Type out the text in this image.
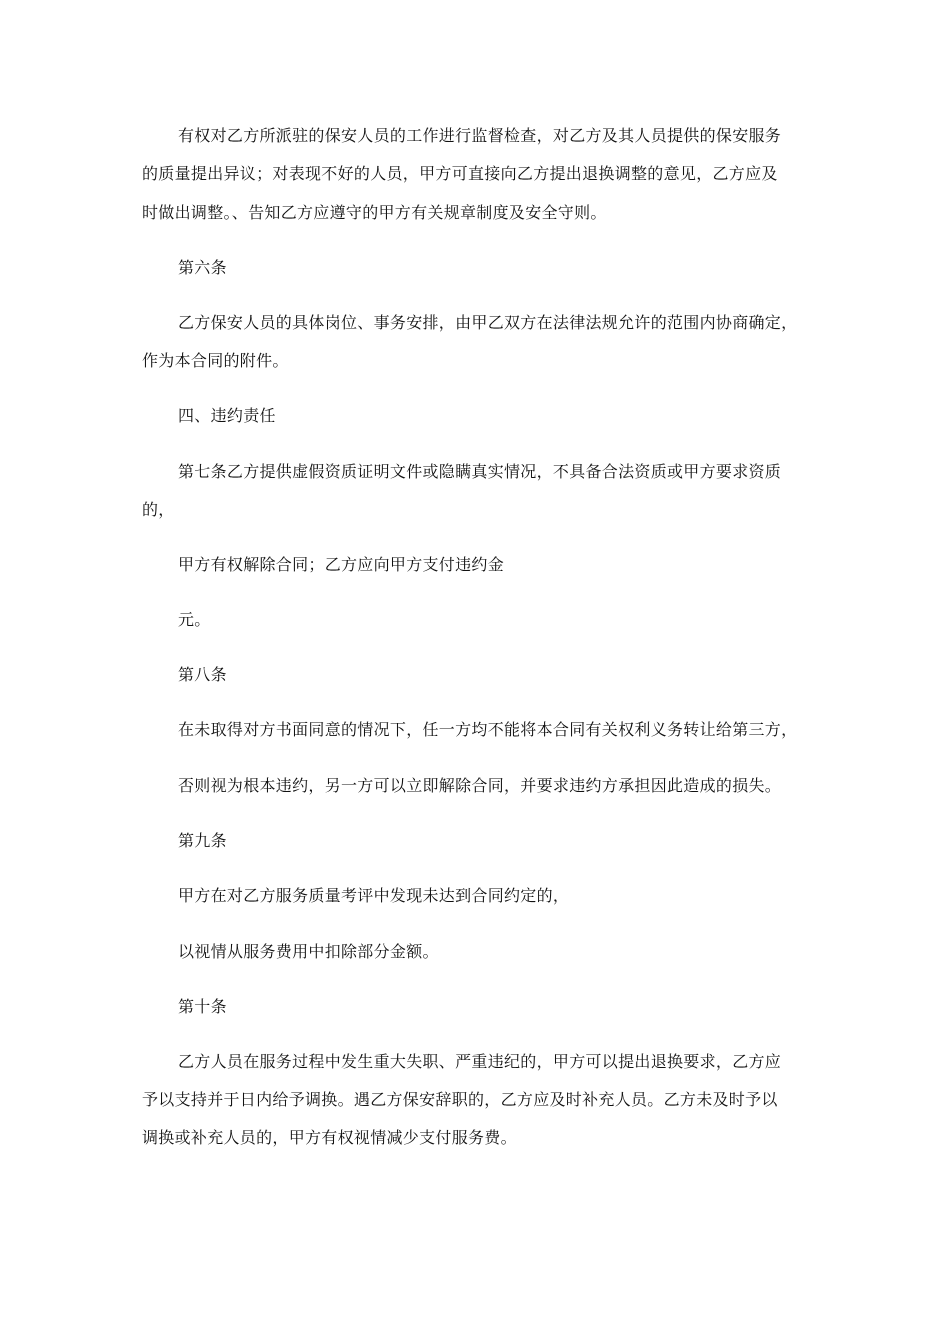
有权对乙方所派驻的保安人员的工作进行监督检查，对乙方及其人员提供的保安服务
的质量提出异议；对表现不好的人员，甲方可直接向乙方提出退换调整的意见，乙方应及
时做出调整。、告知乙方应遵守的甲方有关规章制度及安全守则。
第六条
乙方保安人员的具体岗位、事务安排，由甲乙双方在法律法规允许的范围内协商确定，
作为本合同的附件。
四、违约责任
第七条乙方提供虚假资质证明文件或隐瞒真实情况，不具备合法资质或甲方要求资质
的，
甲方有权解除合同；乙方应向甲方支付违约金
元。
第八条
在未取得对方书面同意的情况下，任一方均不能将本合同有关权利义务转让给第三方，
否则视为根本违约，另一方可以立即解除合同，并要求违约方承担因此造成的损失。
第九条
甲方在对乙方服务质量考评中发现未达到合同约定的，
以视情从服务费用中扣除部分金额。
第十条
乙方人员在服务过程中发生重大失职、严重违纪的，甲方可以提出退换要求，乙方应
予以支持并于日内给予调换。遇乙方保安辞职的，乙方应及时补充人员。乙方未及时予以
调换或补充人员的，甲方有权视情减少支付服务费。
